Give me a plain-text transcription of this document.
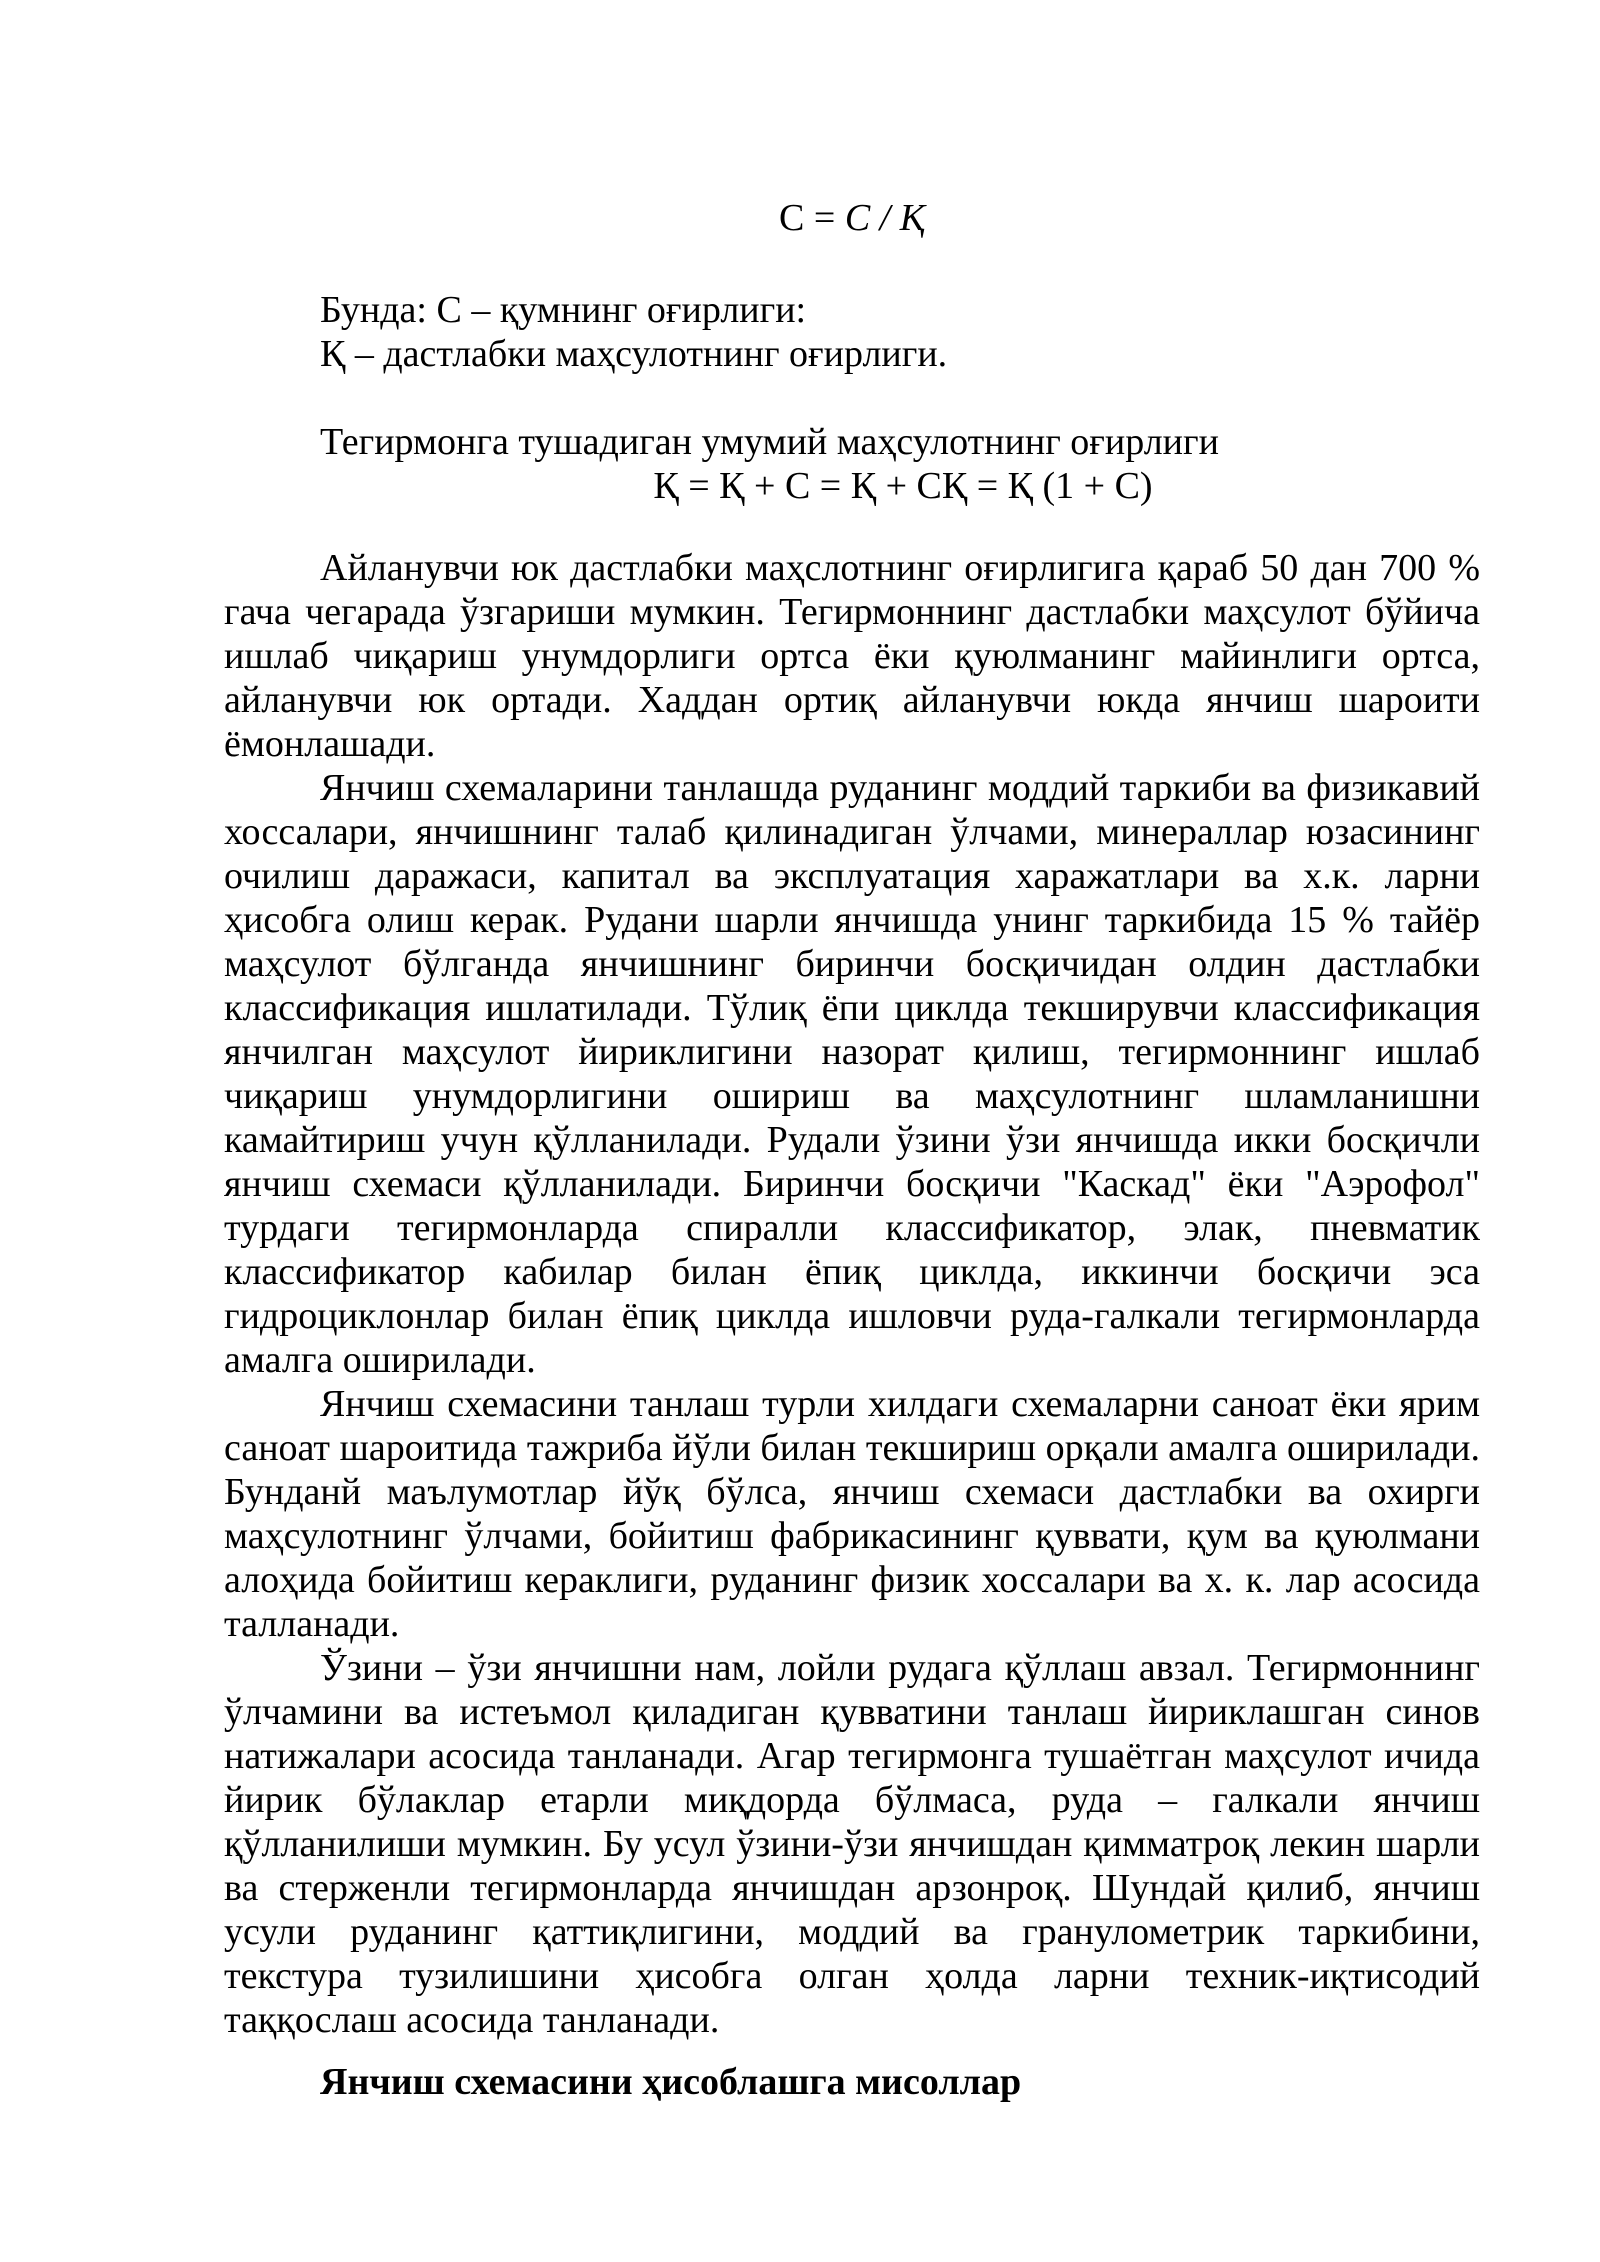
С = С / Қ

Бунда: С – қумнинг оғирлиги:

Қ – дастлабки маҳсулотнинг оғирлиги.

Тегирмонга тушадиган умумий маҳсулотнинг оғирлиги

Қ = Қ + С = Қ + СҚ = Қ (1 + С)

Айланувчи юк дастлабки маҳслотнинг оғирлигига қараб 50 дан 700 % гача чегарада ўзгариши мумкин. Тегирмоннинг дастлабки маҳсулот бўйича ишлаб чиқариш унумдорлиги ортса ёки қуюлманинг майинлиги ортса, айланувчи юк ортади. Хаддан ортиқ айланувчи юкда янчиш шароити ёмонлашади.

Янчиш схемаларини танлашда руданинг моддий таркиби ва физикавий хоссалари, янчишнинг талаб қилинадиган ўлчами, минераллар юзасининг очилиш даражаси, капитал ва эксплуатация харажатлари ва х.к. ларни ҳисобга олиш керак. Рудани шарли янчишда унинг таркибида 15 % тайёр маҳсулот бўлганда янчишнинг биринчи босқичидан олдин дастлабки классификация ишлатилади. Тўлиқ ёпи циклда текширувчи классификация янчилган маҳсулот йириклигини назорат қилиш, тегирмоннинг ишлаб чиқариш унумдорлигини ошириш ва маҳсулотнинг шламланишни камайтириш учун қўлланилади. Рудали ўзини ўзи янчишда икки босқичли янчиш схемаси қўлланилади. Биринчи босқичи "Каскад" ёки "Аэрофол" турдаги тегирмонларда спиралли классификатор, элак, пневматик классификатор кабилар билан ёпиқ циклда, иккинчи босқичи эса гидроциклонлар билан ёпиқ циклда ишловчи руда-галкали тегирмонларда амалга оширилади.

Янчиш схемасини танлаш турли хилдаги схемаларни саноат ёки ярим саноат шароитида тажриба йўли билан текшириш орқали амалга оширилади. Бунданй маълумотлар йўқ бўлса, янчиш схемаси дастлабки ва охирги маҳсулотнинг ўлчами, бойитиш фабрикасининг қуввати, қум ва қуюлмани алоҳида бойитиш кераклиги, руданинг физик хоссалари ва х. к. лар асосида талланади.

Ўзини – ўзи янчишни нам, лойли рудага қўллаш авзал. Тегирмоннинг ўлчамини ва истеъмол қиладиган қувватини танлаш йириклашган синов натижалари асосида танланади. Агар тегирмонга тушаётган маҳсулот ичида йирик бўлаклар етарли миқдорда бўлмаса, руда – галкали янчиш қўлланилиши мумкин. Бу усул ўзини-ўзи янчишдан қимматроқ лекин шарли ва стерженли тегирмонларда янчишдан арзонроқ. Шундай қилиб, янчиш усули руданинг қаттиқлигини, моддий ва гранулометрик таркибини, текстура тузилишини ҳисобга олган ҳолда ларни техник-иқтисодий таққослаш асосида танланади.

Янчиш схемасини ҳисоблашга мисоллар
